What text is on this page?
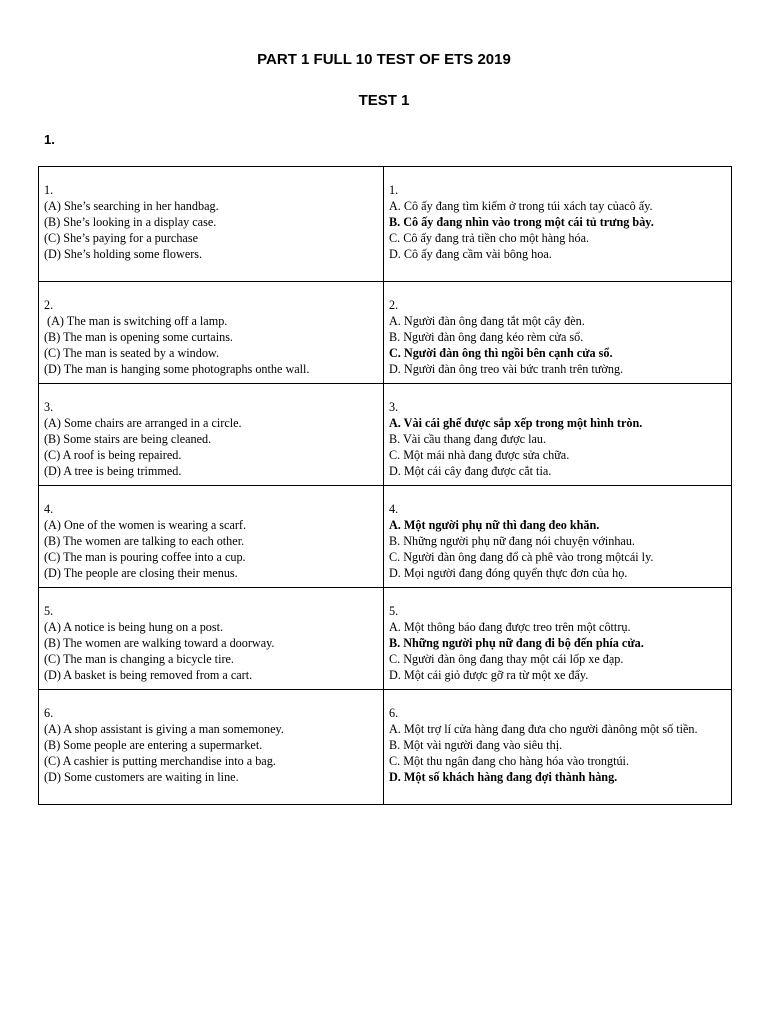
PART 1 FULL 10 TEST OF ETS 2019
TEST 1
1.
1.
(A) She’s searching in her handbag.
(B) She’s looking in a display case.
(C) She’s paying for a purchase
(D) She’s holding some flowers.	1.
A. Cô ấy đang tìm kiếm ở trong túi xách tay củacô ấy.
B. Cô ấy đang nhìn vào trong một cái tủ trưng bày.
C. Cô ấy đang trả tiền cho một hàng hóa.
D. Cô ấy đang cầm vài bông hoa.

2.
(A) The man is switching off a lamp.
(B) The man is opening some curtains.
(C) The man is seated by a window.
(D) The man is hanging some photographs onthe wall.	2.
A. Người đàn ông đang tắt một cây đèn.
B. Người đàn ông đang kéo rèm cửa sổ.
C. Người đàn ông thì ngồi bên cạnh cửa sổ.
D. Người đàn ông treo vài bức tranh trên tường.

3.
(A) Some chairs are arranged in a circle.
(B) Some stairs are being cleaned.
(C) A roof is being repaired.
(D) A tree is being trimmed.	3.
A. Vài cái ghế được sắp xếp trong một hình tròn.
B. Vài cầu thang đang được lau.
C. Một mái nhà đang được sửa chữa.
D. Một cái cây đang được cắt tỉa.

4.
(A) One of the women is wearing a scarf.
(B) The women are talking to each other.
(C) The man is pouring coffee into a cup.
(D) The people are closing their menus.	4.
A. Một người phụ nữ thì đang đeo khăn.
B. Những người phụ nữ đang nói chuyện vớinhau.
C. Người đàn ông đang đổ cà phê vào trong mộtcái ly.
D. Mọi người đang đóng quyển thực đơn của họ.

5.
(A) A notice is being hung on a post.
(B) The women are walking toward a doorway.
(C) The man is changing a bicycle tire.
(D) A basket is being removed from a cart.	5.
A. Một thông báo đang được treo trên một côttrụ.
B. Những người phụ nữ đang đi bộ đến phía cửa.
C. Người đàn ông đang thay một cái lốp xe đạp.
D. Một cái giỏ được gỡ ra từ một xe đẩy.

6.
(A) A shop assistant is giving a man somemoney.
(B) Some people are entering a supermarket.
(C) A cashier is putting merchandise into a bag.
(D) Some customers are waiting in line.	6.
A. Một trợ lí cửa hàng đang đưa cho người đànông một số tiền.
B. Một vài người đang vào siêu thị.
C. Một thu ngân đang cho hàng hóa vào trongtúi.
D. Một số khách hàng đang đợi thành hàng.
